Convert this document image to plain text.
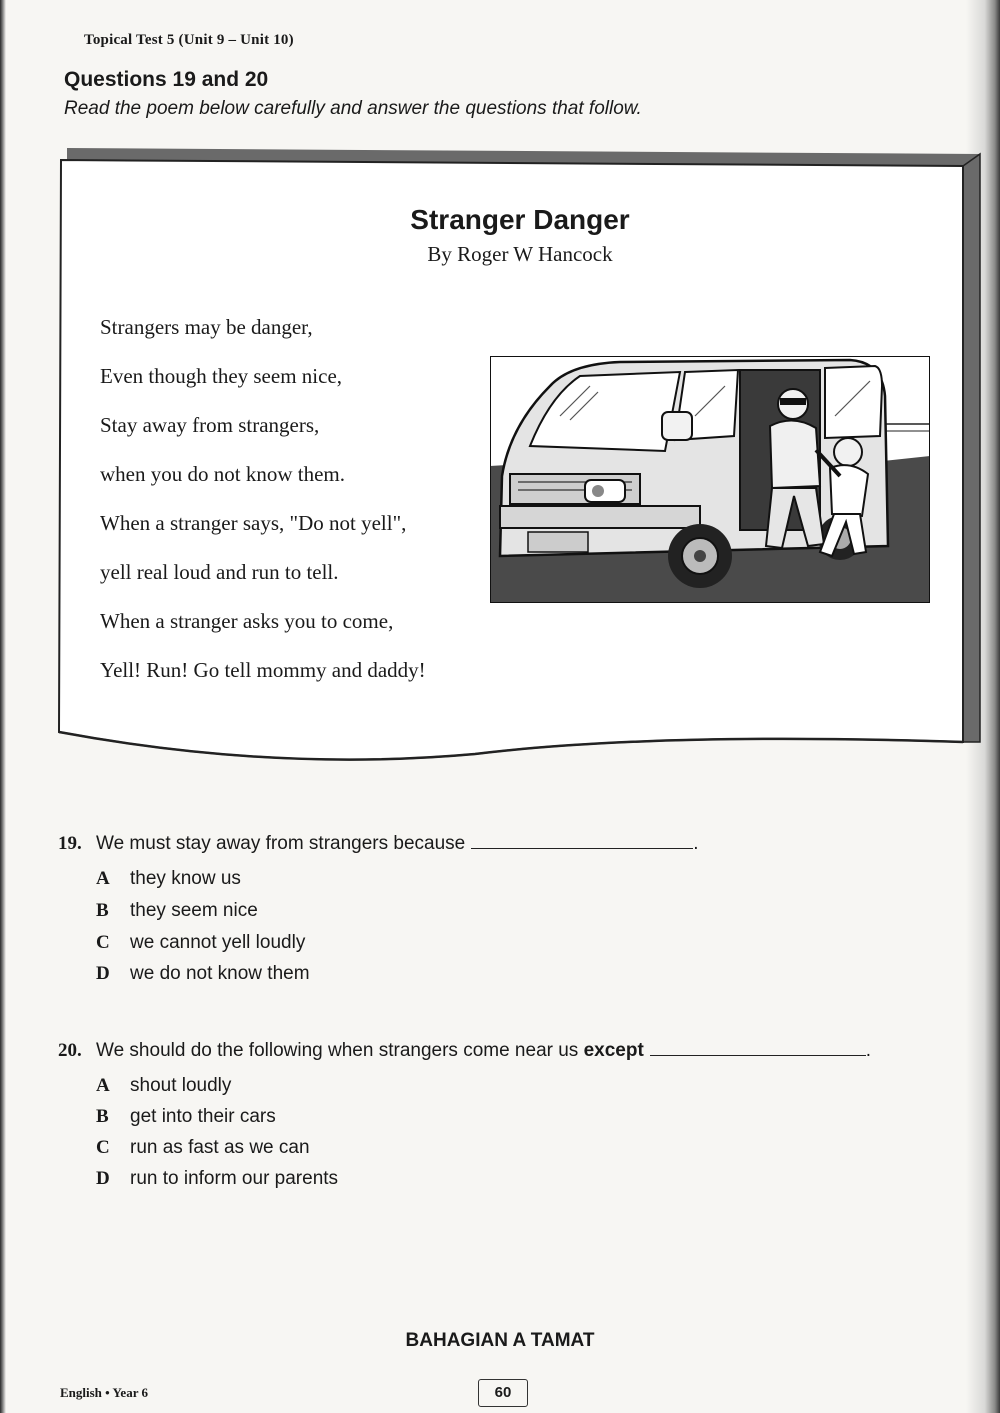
Topical Test 5 (Unit 9 – Unit 10)
Questions 19 and 20
Read the poem below carefully and answer the questions that follow.
Stranger Danger
By Roger W Hancock
Strangers may be danger,
Even though they seem nice,
Stay away from strangers,
when you do not know them.
When a stranger says, "Do not yell",
yell real loud and run to tell.
When a stranger asks you to come,
Yell! Run! Go tell mommy and daddy!
19. We must stay away from strangers because	.
A they know us
B they seem nice
C we cannot yell loudly
D we do not know them
20. We should do the following when strangers come near us except	.
A shout loudly
B get into their cars
C run as fast as we can
D run to inform our parents
BAHAGIAN A TAMAT
English • Year 6	60
